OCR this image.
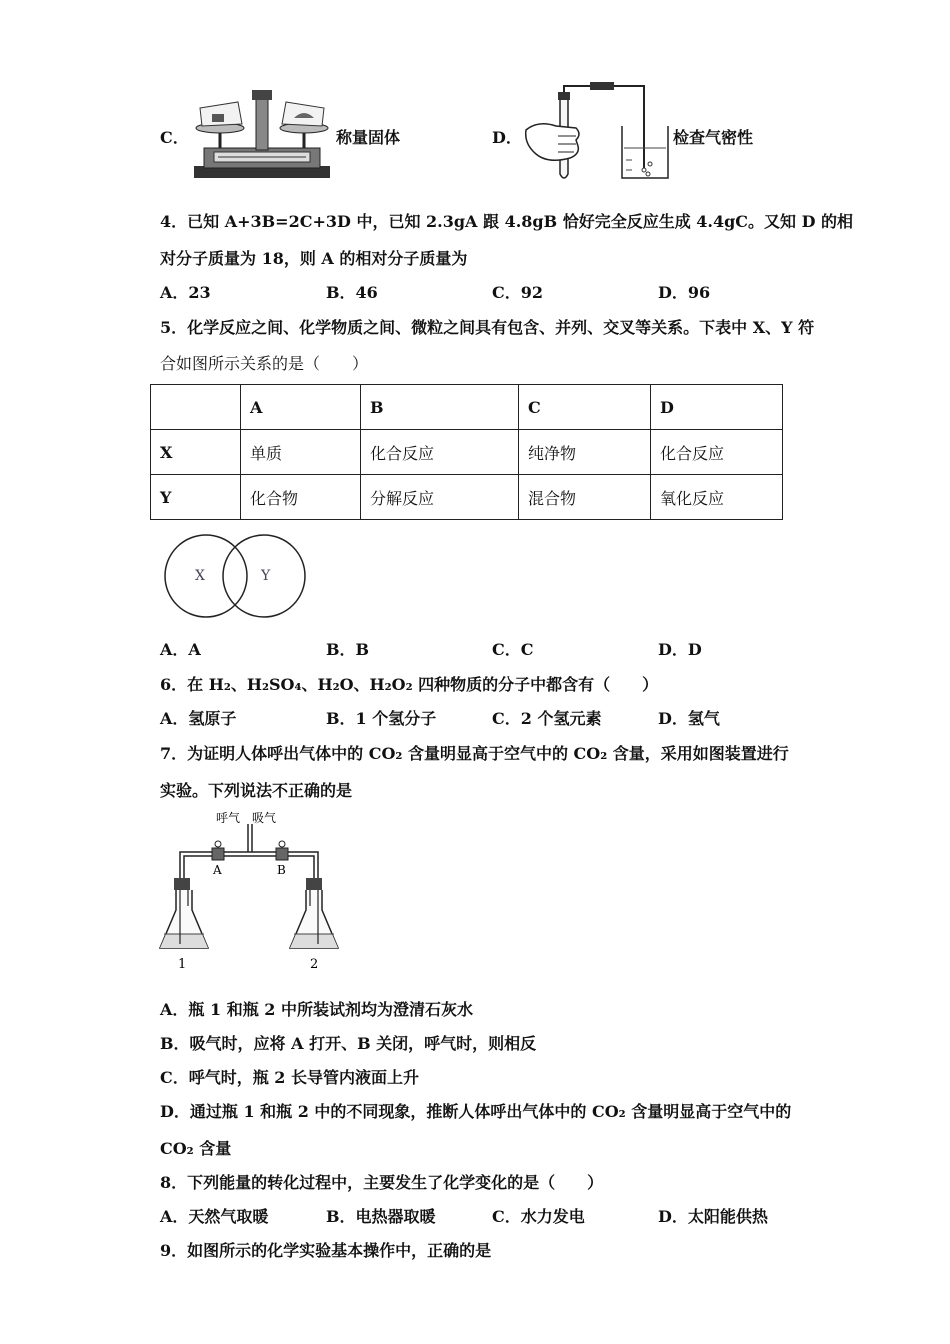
C．	称量固体	D．	检查气密性
4．已知 A+3B=2C+3D 中，已知 2.3gA 跟 4.8gB 恰好完全反应生成 4.4gC。又知 D 的相
对分子质量为 18，则 A 的相对分子质量为
A．23	B．46	C．92	D．96
5．化学反应之间、化学物质之间、微粒之间具有包含、并列、交叉等关系。下表中 X、Y 符
合如图所示关系的是（　　）
	A	B	C	D
X	单质	化合反应	纯净物	化合反应
Y	化合物	分解反应	混合物	氧化反应
X	Y
A．A	B．B	C．C	D．D
6．在 H₂、H₂SO₄、H₂O、H₂O₂ 四种物质的分子中都含有（　　）
A．氢原子	B．1 个氢分子	C．2 个氢元素	D．氢气
7．为证明人体呼出气体中的 CO₂ 含量明显高于空气中的 CO₂ 含量，采用如图装置进行
实验。下列说法不正确的是
呼气 吸气
A	B
1	2
A．瓶 1 和瓶 2 中所装试剂均为澄清石灰水
B．吸气时，应将 A 打开、B 关闭，呼气时，则相反
C．呼气时，瓶 2 长导管内液面上升
D．通过瓶 1 和瓶 2 中的不同现象，推断人体呼出气体中的 CO₂ 含量明显高于空气中的
CO₂ 含量
8．下列能量的转化过程中，主要发生了化学变化的是（　　）
A．天然气取暖	B．电热器取暖	C．水力发电	D．太阳能供热
9．如图所示的化学实验基本操作中，正确的是
